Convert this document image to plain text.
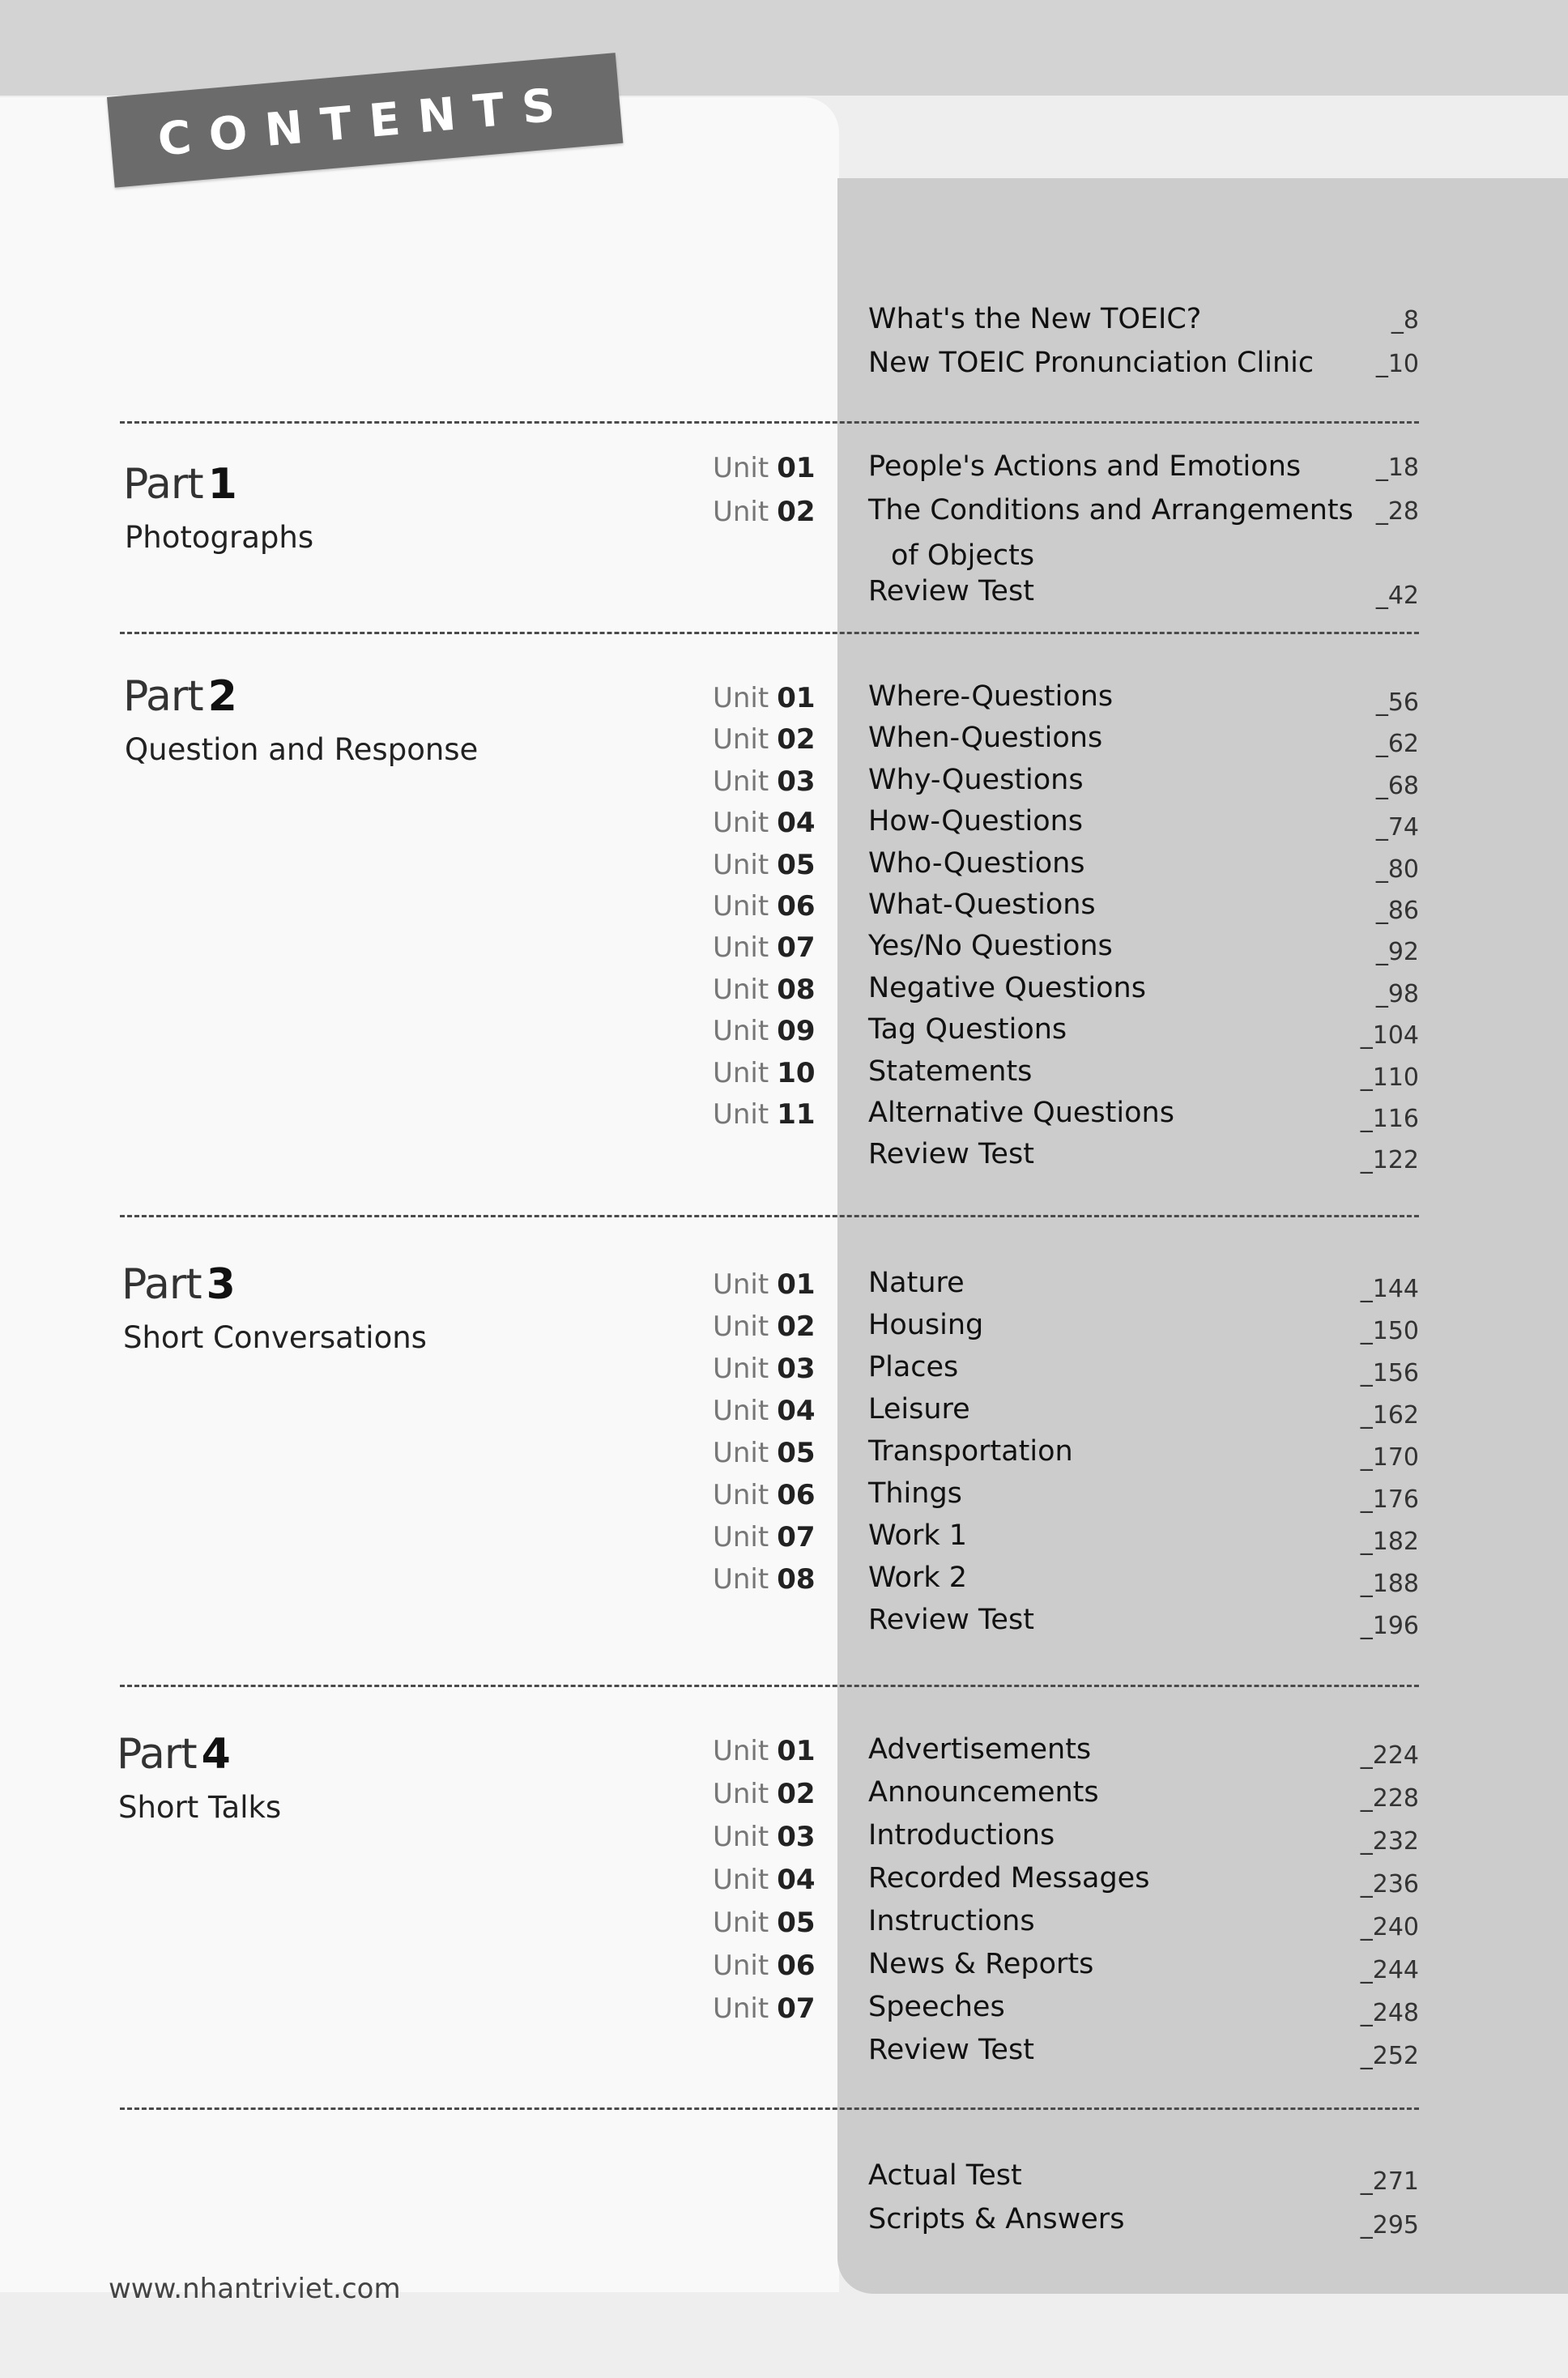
CONTENTS
What's the New TOEIC?	_ 8
New TOEIC Pronunciation Clinic	_ 10
Part 1
Photographs
Unit 01 People's Actions and Emotions	_ 18
Unit 02 The Conditions and Arrangements	_ 28
of Objects
Review Test	_ 42
Part 2
Question and Response
Unit 01 Where-Questions	_ 56
Unit 02 When-Questions	_ 62
Unit 03 Why-Questions	_ 68
Unit 04 How-Questions	_ 74
Unit 05 Who-Questions	_ 80
Unit 06 What-Questions	_ 86
Unit 07 Yes/No Questions	_ 92
Unit 08 Negative Questions	_ 98
Unit 09 Tag Questions	_ 104
Unit 10 Statements	_ 110
Unit 11 Alternative Questions	_ 116
Review Test	_ 122
Part 3
Short Conversations
Unit 01 Nature	_ 144
Unit 02 Housing	_ 150
Unit 03 Places	_ 156
Unit 04 Leisure	_ 162
Unit 05 Transportation	_ 170
Unit 06 Things	_ 176
Unit 07 Work 1	_ 182
Unit 08 Work 2	_ 188
Review Test	_ 196
Part 4
Short Talks
Unit 01 Advertisements	_ 224
Unit 02 Announcements	_ 228
Unit 03 Introductions	_ 232
Unit 04 Recorded Messages	_ 236
Unit 05 Instructions	_ 240
Unit 06 News & Reports	_ 244
Unit 07 Speeches	_ 248
Review Test	_ 252
Actual Test	_ 271
Scripts & Answers	_ 295
www.nhantriviet.com
